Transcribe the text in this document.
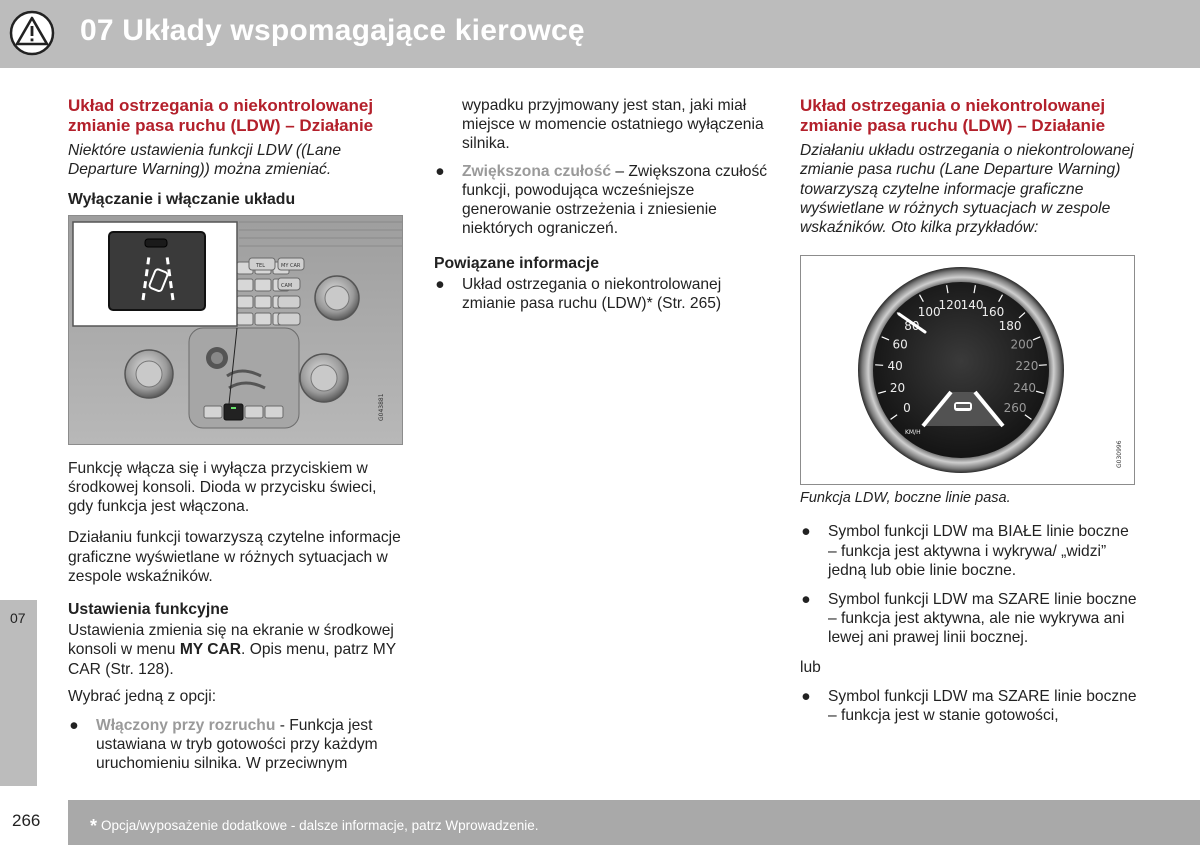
07 Układy wspomagające kierowcę
Układ ostrzegania o niekontrolowanej zmianie pasa ruchu (LDW) – Działanie

Niektóre ustawienia funkcji LDW ((Lane Departure Warning)) można zmieniać.

Wyłączanie i włączanie układu
TEL	MY CAR
CAM
G043881

Funkcję włącza się i wyłącza przyciskiem w środkowej konsoli. Dioda w przycisku świeci, gdy funkcja jest włączona.

Działaniu funkcji towarzyszą czytelne informacje graficzne wyświetlane w różnych sytuacjach w zespole wskaźników.

Ustawienia funkcyjne

Ustawienia zmienia się na ekranie w środkowej konsoli w menu MY CAR. Opis menu, patrz MY CAR (Str. 128).

Wybrać jedną z opcji:

● Włączony przy rozruchu - Funkcja jest ustawiana w tryb gotowości przy każdym uruchomieniu silnika. W przeciwnym
wypadku przyjmowany jest stan, jaki miał miejsce w momencie ostatniego wyłączenia silnika.
● Zwiększona czułość – Zwiększona czułość funkcji, powodująca wcześniejsze generowanie ostrzeżenia i zniesienie niektórych ograniczeń.
Powiązane informacje
● Układ ostrzegania o niekontrolowanej zmianie pasa ruchu (LDW)* (Str. 265)
Układ ostrzegania o niekontrolowanej zmianie pasa ruchu (LDW) – Działanie

Działaniu układu ostrzegania o niekontrolowanej zmianie pasa ruchu (Lane Departure Warning) towarzyszą czytelne informacje graficzne wyświetlane w różnych sytuacjach w zespole wskaźników. Oto kilka przykładów:

0
20
40
60
80
100
120 140
160
180
200
220
240
260
KM/H
G030996

Funkcja LDW, boczne linie pasa.

● Symbol funkcji LDW ma BIAŁE linie boczne – funkcja jest aktywna i wykrywa/ „widzi” jedną lub obie linie boczne.
● Symbol funkcji LDW ma SZARE linie boczne – funkcja jest aktywna, ale nie wykrywa ani lewej ani prawej linii bocznej.

lub

● Symbol funkcji LDW ma SZARE linie boczne – funkcja jest w stanie gotowości,
07
266	* Opcja/wyposażenie dodatkowe - dalsze informacje, patrz Wprowadzenie.
